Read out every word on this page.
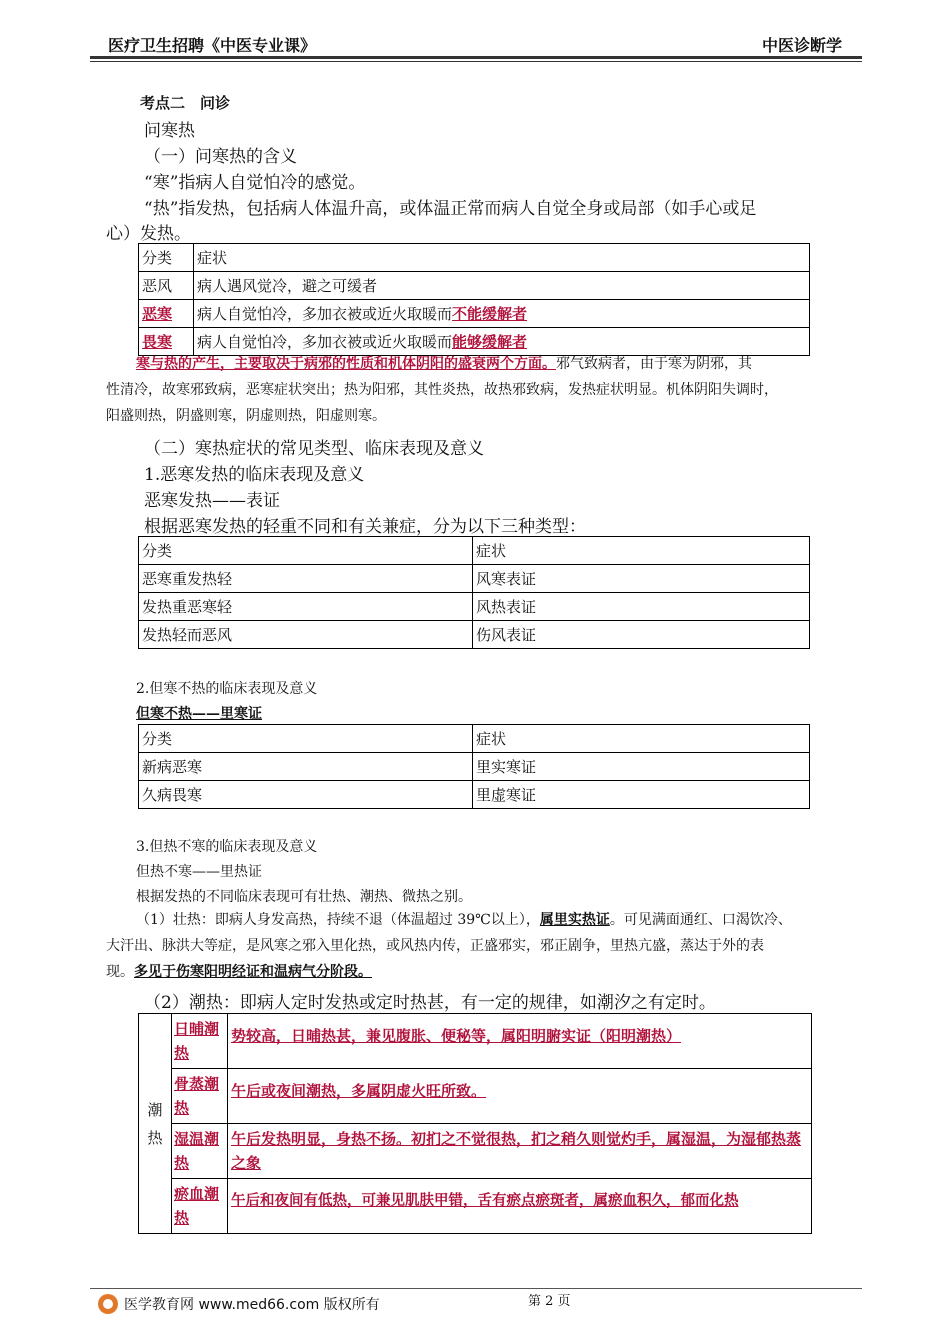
医疗卫生招聘《中医专业课》	中医诊断学
考点二　问诊
问寒热
（一）问寒热的含义
“寒”指病人自觉怕冷的感觉。
“热”指发热，包括病人体温升高，或体温正常而病人自觉全身或局部（如手心或足
心）发热。
分类	症状
恶风	病人遇风觉冷，避之可缓者
恶寒	病人自觉怕冷，多加衣被或近火取暖而不能缓解者
畏寒	病人自觉怕冷，多加衣被或近火取暖而能够缓解者
寒与热的产生，主要取决于病邪的性质和机体阴阳的盛衰两个方面。邪气致病者，由于寒为阴邪，其
性清冷，故寒邪致病，恶寒症状突出；热为阳邪，其性炎热，故热邪致病，发热症状明显。机体阴阳失调时，
阳盛则热，阴盛则寒，阴虚则热，阳虚则寒。
（二）寒热症状的常见类型、临床表现及意义
1.恶寒发热的临床表现及意义
恶寒发热——表证
根据恶寒发热的轻重不同和有关兼症，分为以下三种类型：
分类	症状
恶寒重发热轻	风寒表证
发热重恶寒轻	风热表证
发热轻而恶风	伤风表证
2.但寒不热的临床表现及意义
但寒不热——里寒证
分类	症状
新病恶寒	里实寒证
久病畏寒	里虚寒证
3.但热不寒的临床表现及意义
但热不寒——里热证
根据发热的不同临床表现可有壮热、潮热、微热之别。
（1）壮热：即病人身发高热，持续不退（体温超过 39℃以上），属里实热证。可见满面通红、口渴饮冷、
大汗出、脉洪大等症，是风寒之邪入里化热，或风热内传，正盛邪实，邪正剧争，里热亢盛，蒸达于外的表
现。多见于伤寒阳明经证和温病气分阶段。
（2）潮热：即病人定时发热或定时热甚，有一定的规律，如潮汐之有定时。
潮热	日晡潮热	势较高，日晡热甚，兼见腹胀、便秘等，属阳明腑实证（阳明潮热）
	骨蒸潮热	午后或夜间潮热，多属阴虚火旺所致。
	湿温潮热	午后发热明显，身热不扬。初扪之不觉很热，扪之稍久则觉灼手，属湿温，为湿郁热蒸之象
	瘀血潮热	午后和夜间有低热，可兼见肌肤甲错，舌有瘀点瘀斑者，属瘀血积久，郁而化热
第 2 页
医学教育网 www.med66.com 版权所有
